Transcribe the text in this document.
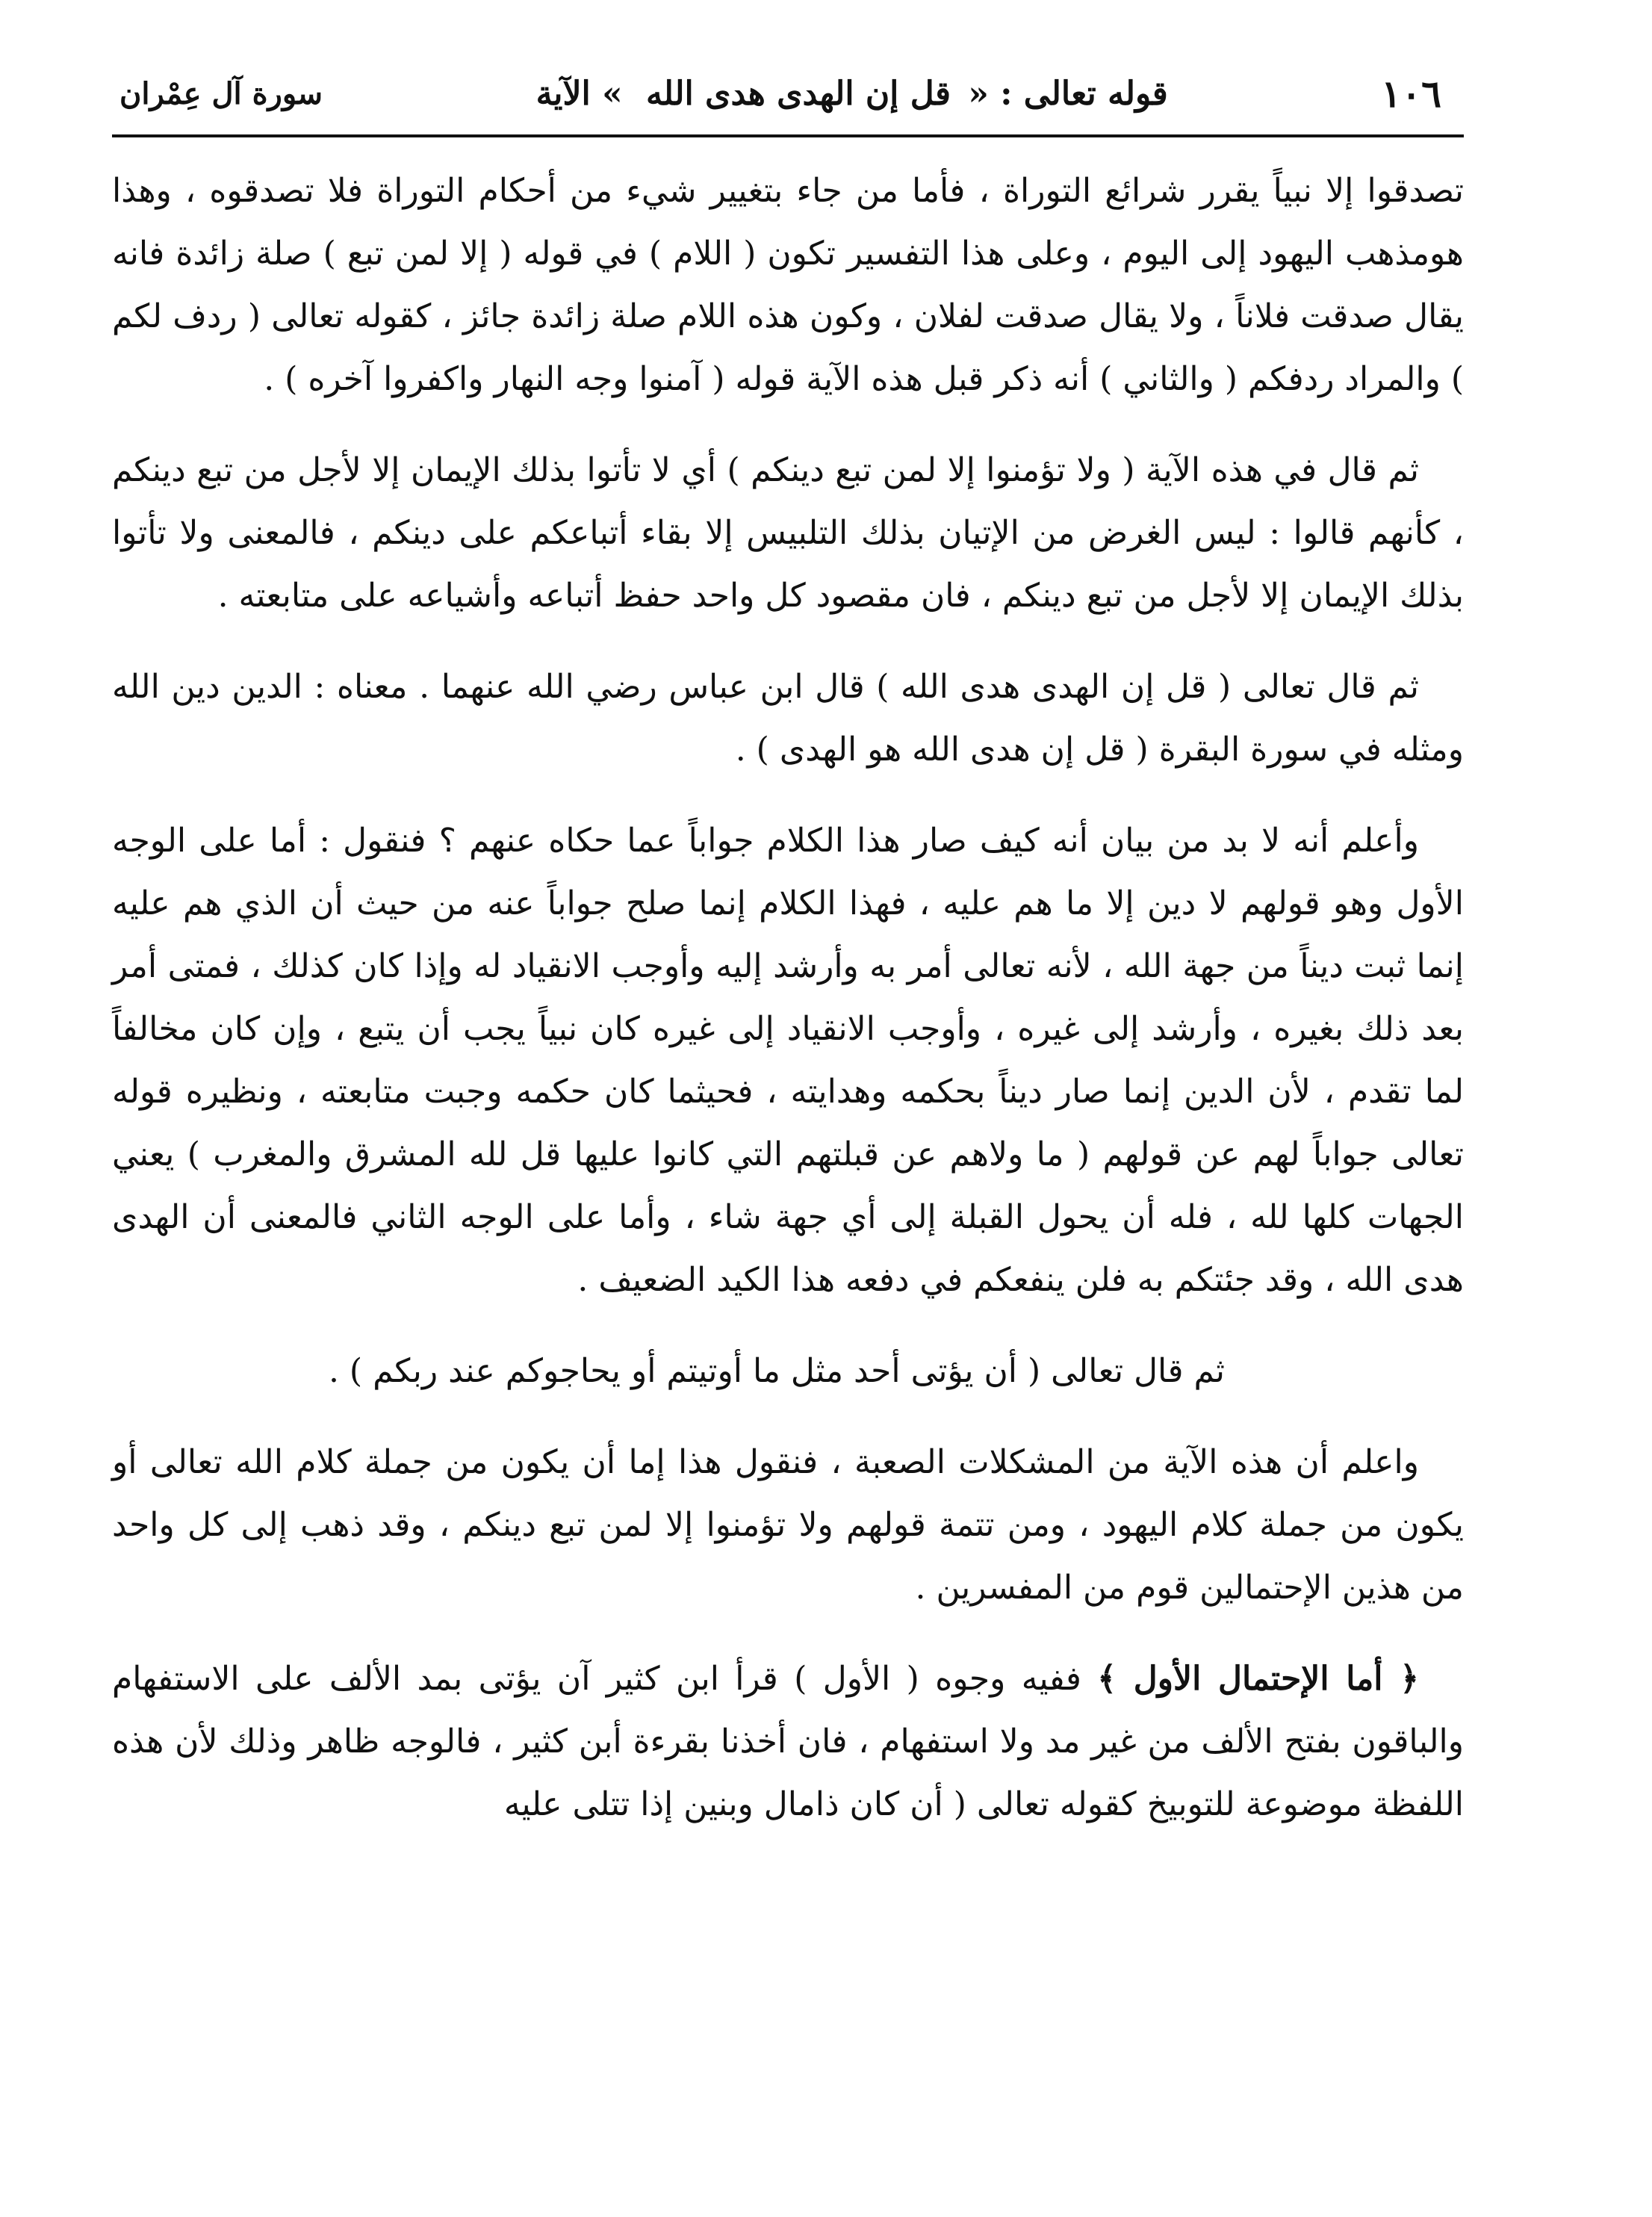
١٠٦
قوله تعالى : « قل إن الهدى هدى الله » الآية
سورة آل عِمْران

تصدقوا إلا نبياً يقرر شرائع التوراة ، فأما من جاء بتغيير شيء من أحكام التوراة فلا تصدقوه ، وهذا هومذهب اليهود إلى اليوم ، وعلى هذا التفسير تكون ( اللام ) في قوله ( إلا لمن تبع ) صلة زائدة فانه يقال صدقت فلاناً ، ولا يقال صدقت لفلان ، وكون هذه اللام صلة زائدة جائز ، كقوله تعالى ( ردف لكم ) والمراد ردفكم ( والثاني ) أنه ذكر قبل هذه الآية قوله ( آمنوا وجه النهار واكفروا آخره ) .

ثم قال في هذه الآية ( ولا تؤمنوا إلا لمن تبع دينكم ) أي لا تأتوا بذلك الإيمان إلا لأجل من تبع دينكم ، كأنهم قالوا : ليس الغرض من الإتيان بذلك التلبيس إلا بقاء أتباعكم على دينكم ، فالمعنى ولا تأتوا بذلك الإيمان إلا لأجل من تبع دينكم ، فان مقصود كل واحد حفظ أتباعه وأشياعه على متابعته .

ثم قال تعالى ( قل إن الهدى هدى الله ) قال ابن عباس رضي الله عنهما . معناه : الدين دين الله ومثله في سورة البقرة ( قل إن هدى الله هو الهدى ) .

وأعلم أنه لا بد من بيان أنه كيف صار هذا الكلام جواباً عما حكاه عنهم ؟ فنقول : أما على الوجه الأول وهو قولهم لا دين إلا ما هم عليه ، فهذا الكلام إنما صلح جواباً عنه من حيث أن الذي هم عليه إنما ثبت ديناً من جهة الله ، لأنه تعالى أمر به وأرشد إليه وأوجب الانقياد له وإذا كان كذلك ، فمتى أمر بعد ذلك بغيره ، وأرشد إلى غيره ، وأوجب الانقياد إلى غيره كان نبياً يجب أن يتبع ، وإن كان مخالفاً لما تقدم ، لأن الدين إنما صار ديناً بحكمه وهدايته ، فحيثما كان حكمه وجبت متابعته ، ونظيره قوله تعالى جواباً لهم عن قولهم ( ما ولاهم عن قبلتهم التي كانوا عليها قل لله المشرق والمغرب ) يعني الجهات كلها لله ، فله أن يحول القبلة إلى أي جهة شاء ، وأما على الوجه الثاني فالمعنى أن الهدى هدى الله ، وقد جئتكم به فلن ينفعكم في دفعه هذا الكيد الضعيف .

ثم قال تعالى ( أن يؤتى أحد مثل ما أوتيتم أو يحاجوكم عند ربكم ) .

واعلم أن هذه الآية من المشكلات الصعبة ، فنقول هذا إما أن يكون من جملة كلام الله تعالى أو يكون من جملة كلام اليهود ، ومن تتمة قولهم ولا تؤمنوا إلا لمن تبع دينكم ، وقد ذهب إلى كل واحد من هذين الإحتمالين قوم من المفسرين .

﴿ أما الإحتمال الأول ﴾ ففيه وجوه ( الأول ) قرأ ابن كثير آن يؤتى بمد الألف على الاستفهام والباقون بفتح الألف من غير مد ولا استفهام ، فان أخذنا بقرءة أبن كثير ، فالوجه ظاهر وذلك لأن هذه اللفظة موضوعة للتوبيخ كقوله تعالى ( أن كان ذامال وبنين إذا تتلى عليه
